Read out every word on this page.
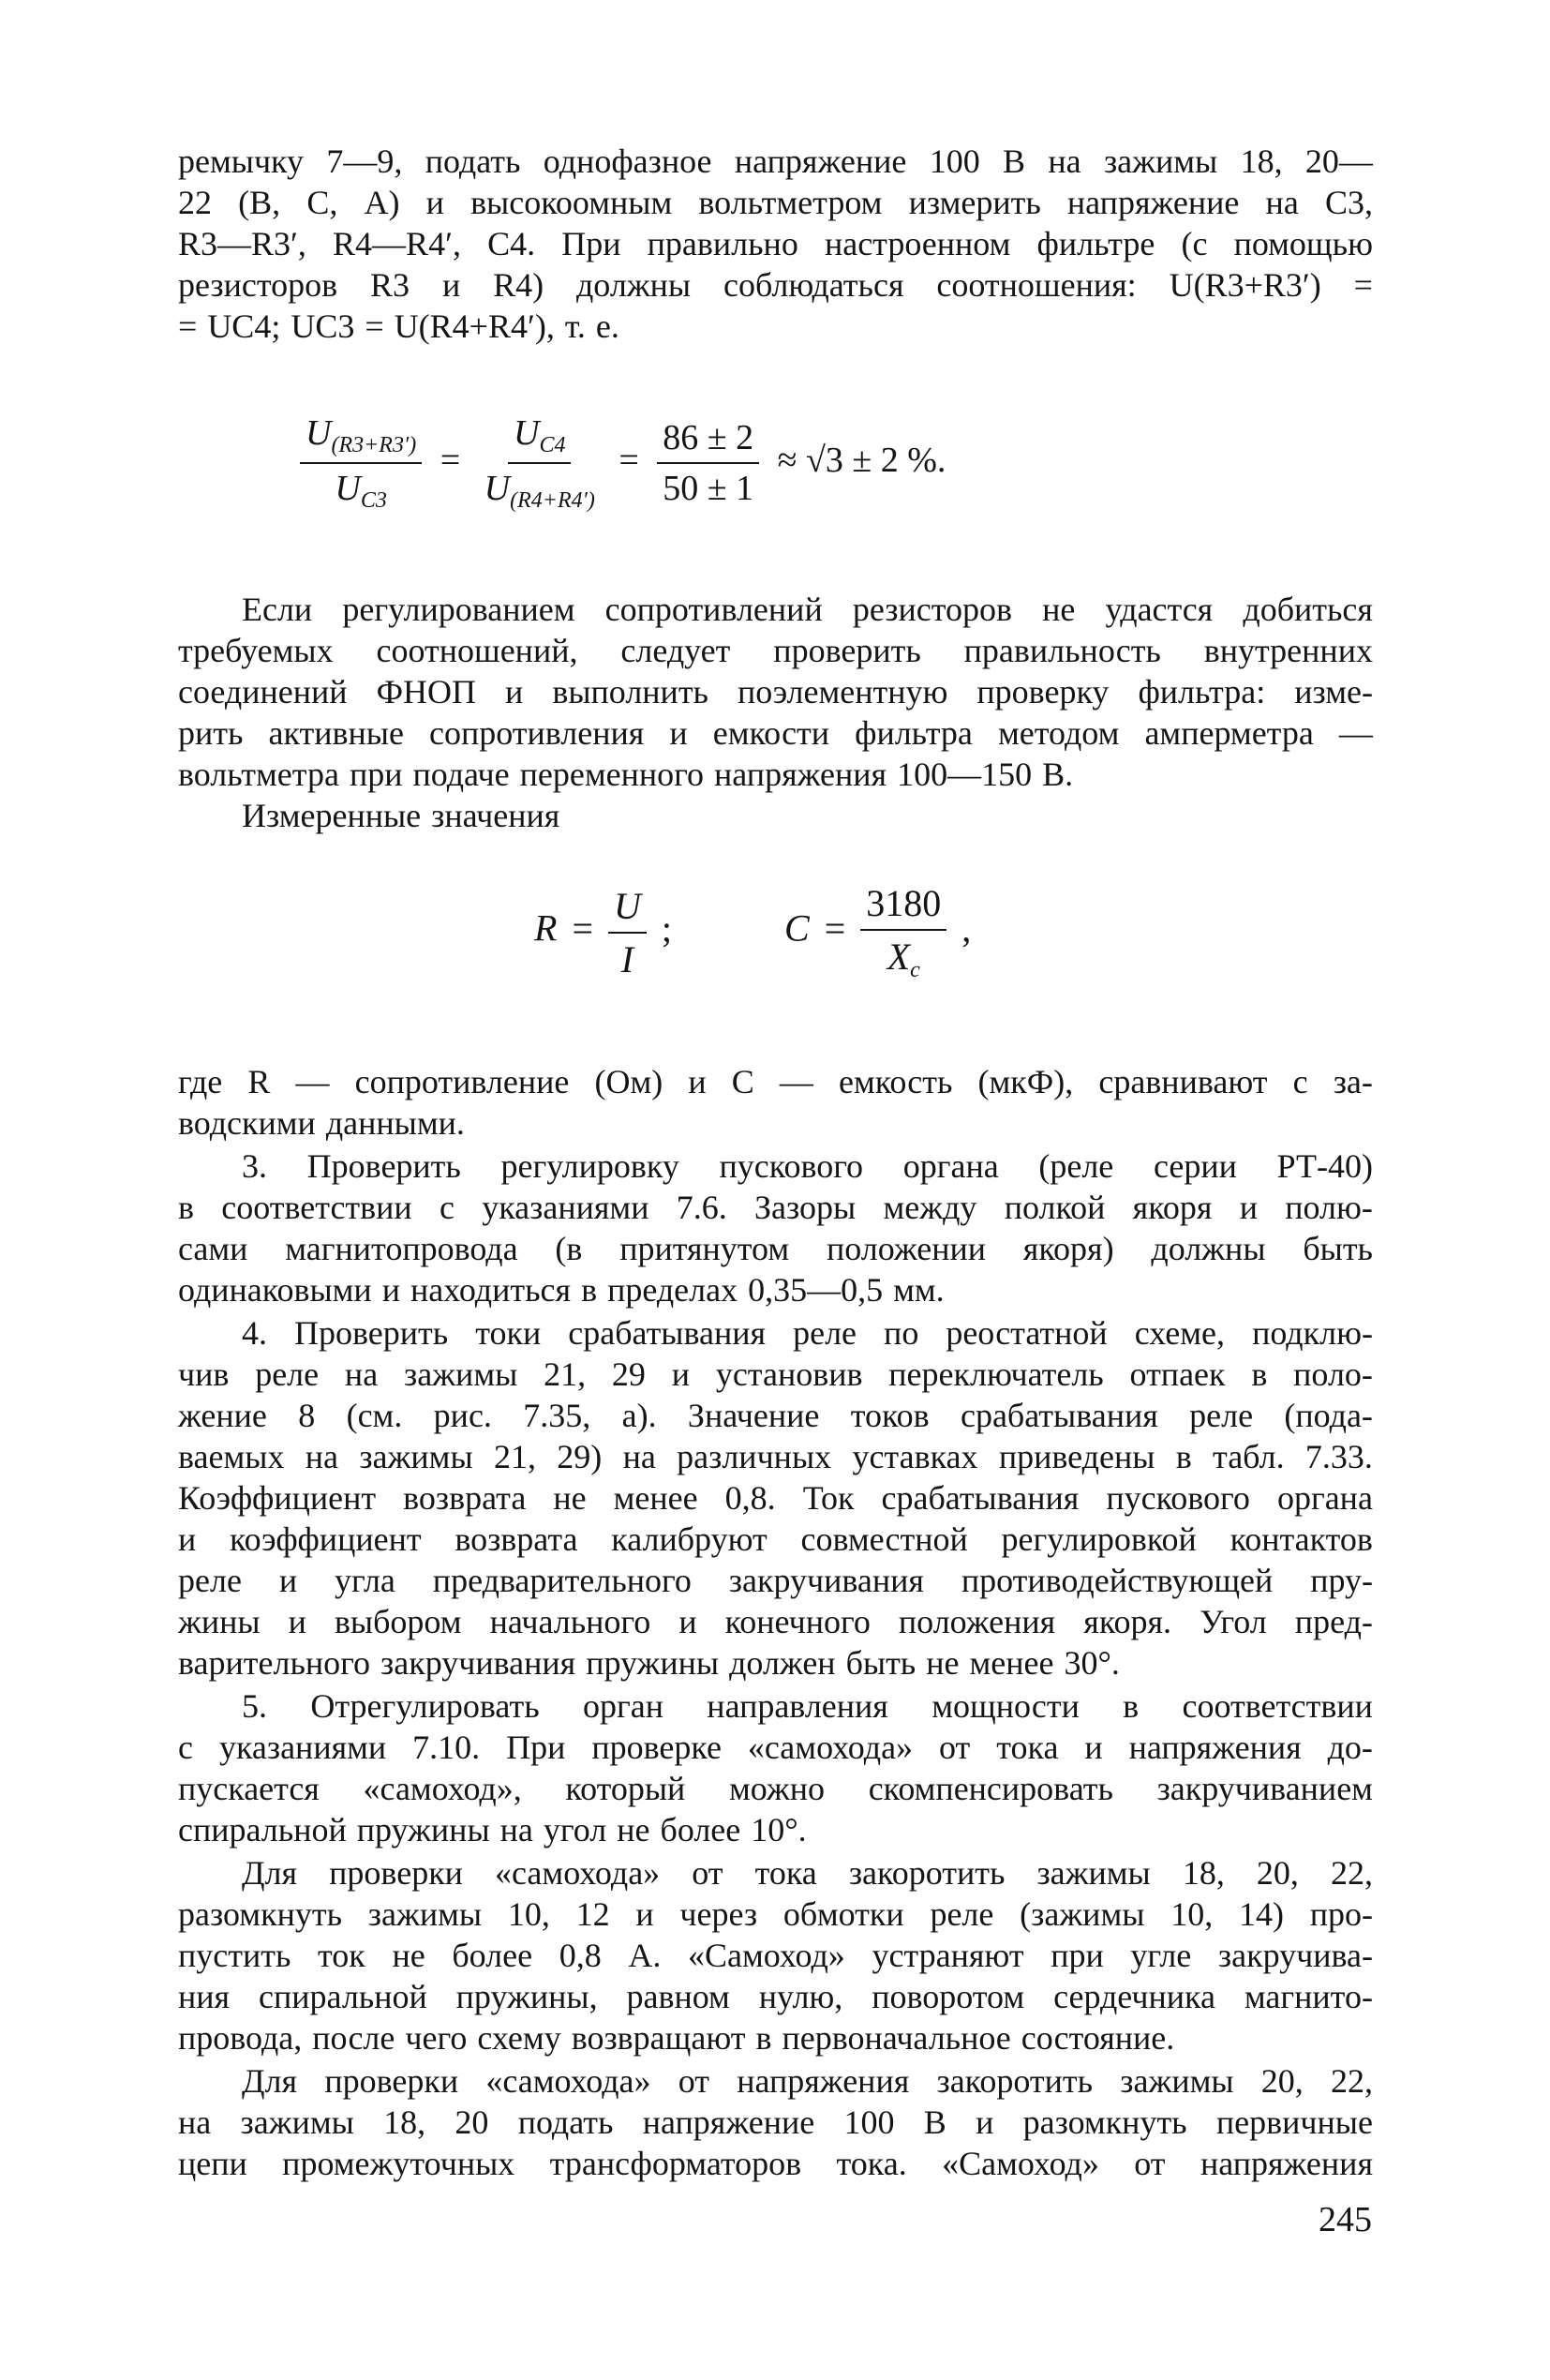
ремычку 7—9, подать однофазное напряжение 100 В на зажимы 18, 20—
22 (В, С, А) и высокоомным вольтметром измерить напряжение на С3,
R3—R3′, R4—R4′, С4. При правильно настроенном фильтре (с помощью
резисторов R3 и R4) должны соблюдаться соотношения: U(R3+R3′) =
= UC4; UC3 = U(R4+R4′), т. е.
$\frac{U_{(R3+R3')}}{U_{C3}} = \frac{U_{C4}}{U_{(R4+R4')}} = \frac{86 \pm 2}{50 \pm 1} \approx √3 \pm 2$ %.
Если регулированием сопротивлений резисторов не удастся добиться
требуемых соотношений, следует проверить правильность внутренних
соединений ФНОП и выполнить поэлементную проверку фильтра: изме-
рить активные сопротивления и емкости фильтра методом амперметра —
вольтметра при подаче переменного напряжения 100—150 В.
Измеренные значения
$R = \frac{U}{I}$ ;	$C = \frac{3180}{X_c}$ ,
где R — сопротивление (Ом) и С — емкость (мкФ), сравнивают с за-
водскими данными.
3. Проверить регулировку пускового органа (реле серии РТ-40)
в соответствии с указаниями 7.6. Зазоры между полкой якоря и полю-
сами магнитопровода (в притянутом положении якоря) должны быть
одинаковыми и находиться в пределах 0,35—0,5 мм.
4. Проверить токи срабатывания реле по реостатной схеме, подклю-
чив реле на зажимы 21, 29 и установив переключатель отпаек в поло-
жение 8 (см. рис. 7.35, а). Значение токов срабатывания реле (пода-
ваемых на зажимы 21, 29) на различных уставках приведены в табл. 7.33.
Коэффициент возврата не менее 0,8. Ток срабатывания пускового органа
и коэффициент возврата калибруют совместной регулировкой контактов
реле и угла предварительного закручивания противодействующей пру-
жины и выбором начального и конечного положения якоря. Угол пред-
варительного закручивания пружины должен быть не менее 30°.
5. Отрегулировать орган направления мощности в соответствии
с указаниями 7.10. При проверке «самохода» от тока и напряжения до-
пускается «самоход», который можно скомпенсировать закручиванием
спиральной пружины на угол не более 10°.
Для проверки «самохода» от тока закоротить зажимы 18, 20, 22,
разомкнуть зажимы 10, 12 и через обмотки реле (зажимы 10, 14) про-
пустить ток не более 0,8 А. «Самоход» устраняют при угле закручива-
ния спиральной пружины, равном нулю, поворотом сердечника магнито-
провода, после чего схему возвращают в первоначальное состояние.
Для проверки «самохода» от напряжения закоротить зажимы 20, 22,
на зажимы 18, 20 подать напряжение 100 В и разомкнуть первичные
цепи промежуточных трансформаторов тока. «Самоход» от напряжения
245
